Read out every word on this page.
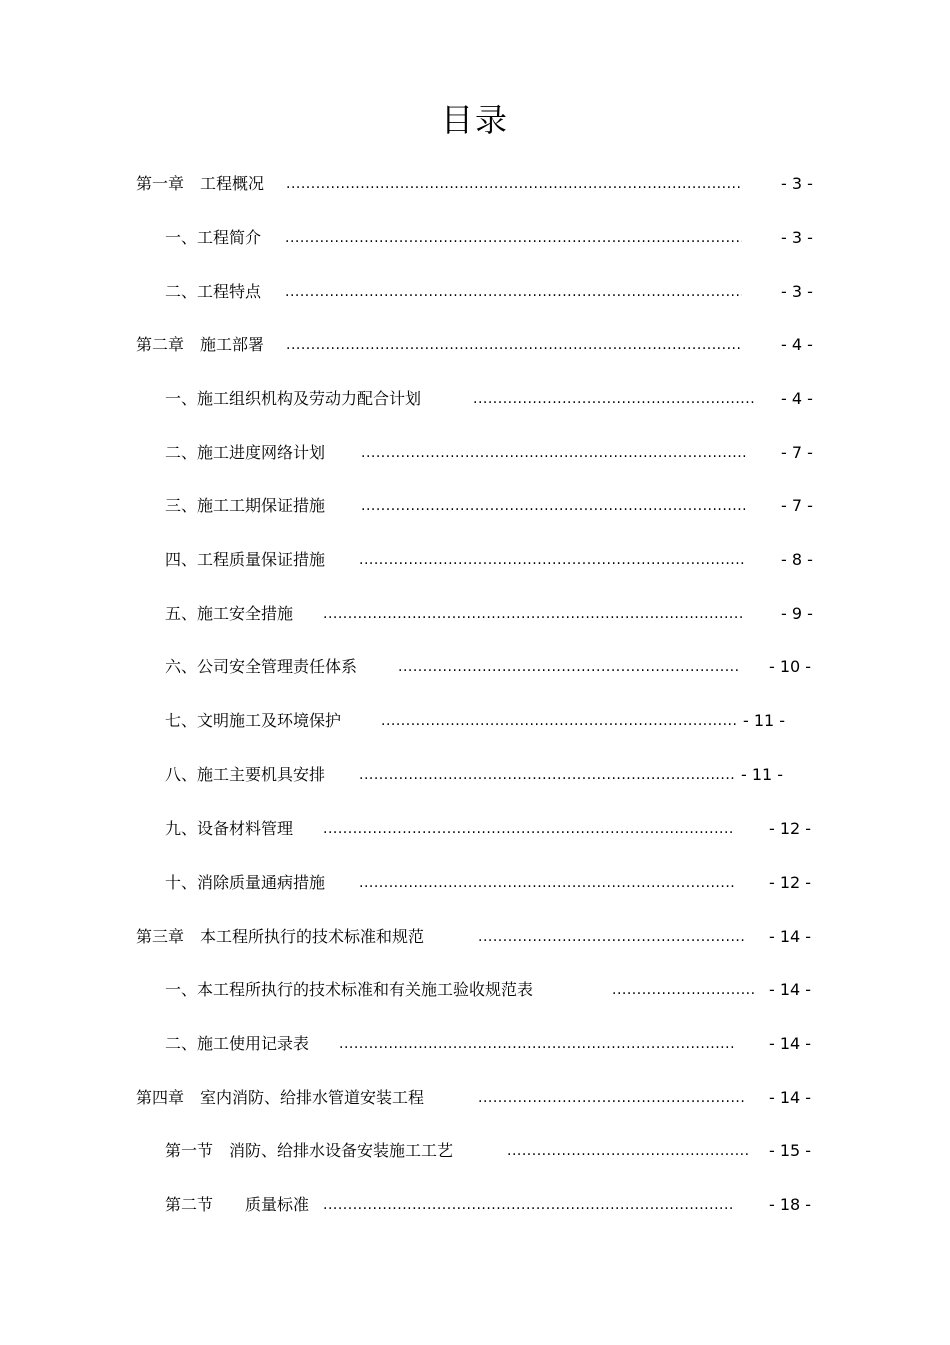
目录
第一章　工程概况 .....	- 3 -
一、工程简介 .....	- 3 -
二、工程特点 .....	- 3 -
第二章　施工部署 .....	- 4 -
一、施工组织机构及劳动力配合计划 .....	- 4 -
二、施工进度网络计划 .....	- 7 -
三、施工工期保证措施 .....	- 7 -
四、工程质量保证措施 .....	- 8 -
五、施工安全措施 .....	- 9 -
六、公司安全管理责任体系 .....	- 10 -
七、文明施工及环境保护 .....	- 11 -
八、施工主要机具安排 .....	- 11 -
九、设备材料管理 .....	- 12 -
十、消除质量通病措施 .....	- 12 -
第三章　本工程所执行的技术标准和规范 .....	- 14 -
一、本工程所执行的技术标准和有关施工验收规范表 .....	- 14 -
二、施工使用记录表 .....	- 14 -
第四章　室内消防、给排水管道安装工程 .....	- 14 -
第一节　消防、给排水设备安装施工工艺 .....	- 15 -
第二节　　质量标准 .....	- 18 -
